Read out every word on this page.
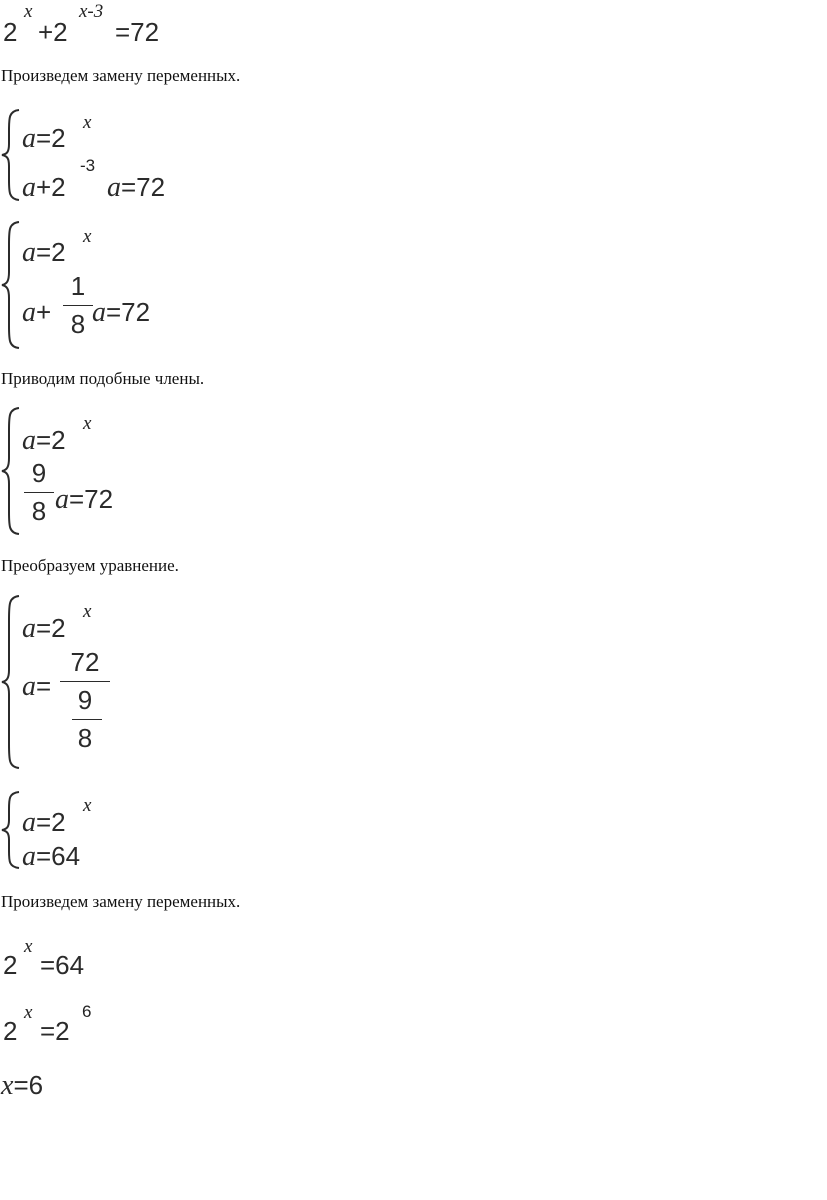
2
x
+2
x-3
=72
Произведем замену переменных.
a=2
x
a+2
-3
a=72
a=2
x
a+
1
8 a=72
Приводим подобные члены.
a=2
x
9
8 a=72
Преобразуем уравнение.
a=2
x
a=
72
9
8
a=2
x
a=64
Произведем замену переменных.
2
x
=64
2
x
=2
6
x=6
